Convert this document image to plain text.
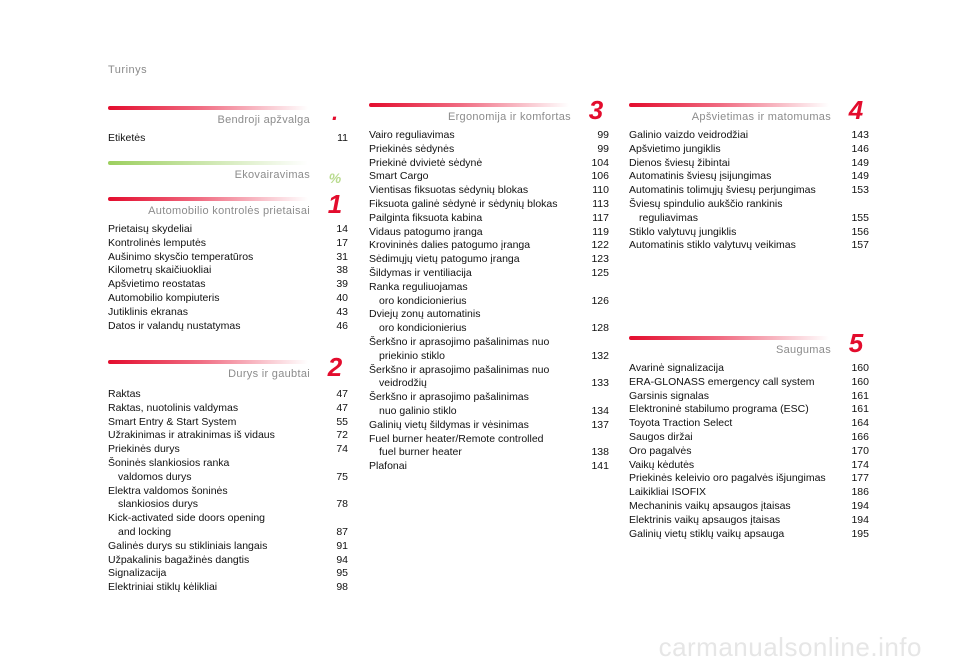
Turinys
Bendroji apžvalga .
Etiketės	11
Ekovairavimas	%
Automobilio kontrolės prietaisai 1
Prietaisų skydeliai	14
Kontrolinės lemputės	17
Aušinimo skysčio temperatūros	31
Kilometrų skaičiuokliai	38
Apšvietimo reostatas	39
Automobilio kompiuteris	40
Jutiklinis ekranas	43
Datos ir valandų nustatymas	46
Durys ir gaubtai 2
Raktas	47
Raktas, nuotolinis valdymas	47
Smart Entry & Start System	55
Užrakinimas ir atrakinimas iš vidaus	72
Priekinės durys	74
Šoninės slankiosios ranka
valdomos durys	75
Elektra valdomos šoninės
slankiosios durys	78
Kick-activated side doors opening
and locking	87
Galinės durys su stikliniais langais	91
Užpakalinis bagažinės dangtis	94
Signalizacija	95
Elektriniai stiklų kėlikliai	98
Ergonomija ir komfortas 3
Vairo reguliavimas	99
Priekinės sėdynės	99
Priekinė dvivietė sėdynė	104
Smart Cargo	106
Vientisas fiksuotas sėdynių blokas	110
Fiksuota galinė sėdynė ir sėdynių blokas	113
Pailginta fiksuota kabina	117
Vidaus patogumo įranga	119
Krovininės dalies patogumo įranga	122
Sėdimųjų vietų patogumo įranga	123
Šildymas ir ventiliacija	125
Ranka reguliuojamas
oro kondicionierius	126
Dviejų zonų automatinis
oro kondicionierius	128
Šerkšno ir aprasojimo pašalinimas nuo
priekinio stiklo	132
Šerkšno ir aprasojimo pašalinimas nuo
veidrodžių	133
Šerkšno ir aprasojimo pašalinimas
nuo galinio stiklo	134
Galinių vietų šildymas ir vėsinimas	137
Fuel burner heater/Remote controlled
fuel burner heater	138
Plafonai	141
Apšvietimas ir matomumas 4
Galinio vaizdo veidrodžiai	143
Apšvietimo jungiklis	146
Dienos šviesų žibintai	149
Automatinis šviesų įsijungimas	149
Automatinis tolimųjų šviesų perjungimas	153
Šviesų spindulio aukščio rankinis
reguliavimas	155
Stiklo valytuvų jungiklis	156
Automatinis stiklo valytuvų veikimas	157
Saugumas 5
Avarinė signalizacija	160
ERA-GLONASS emergency call system	160
Garsinis signalas	161
Elektroninė stabilumo programa (ESC)	161
Toyota Traction Select	164
Saugos diržai	166
Oro pagalvės	170
Vaikų kėdutės	174
Priekinės keleivio oro pagalvės išjungimas 177
Laikikliai ISOFIX	186
Mechaninis vaikų apsaugos įtaisas	194
Elektrinis vaikų apsaugos įtaisas	194
Galinių vietų stiklų vaikų apsauga	195
carmanualsonline.info
